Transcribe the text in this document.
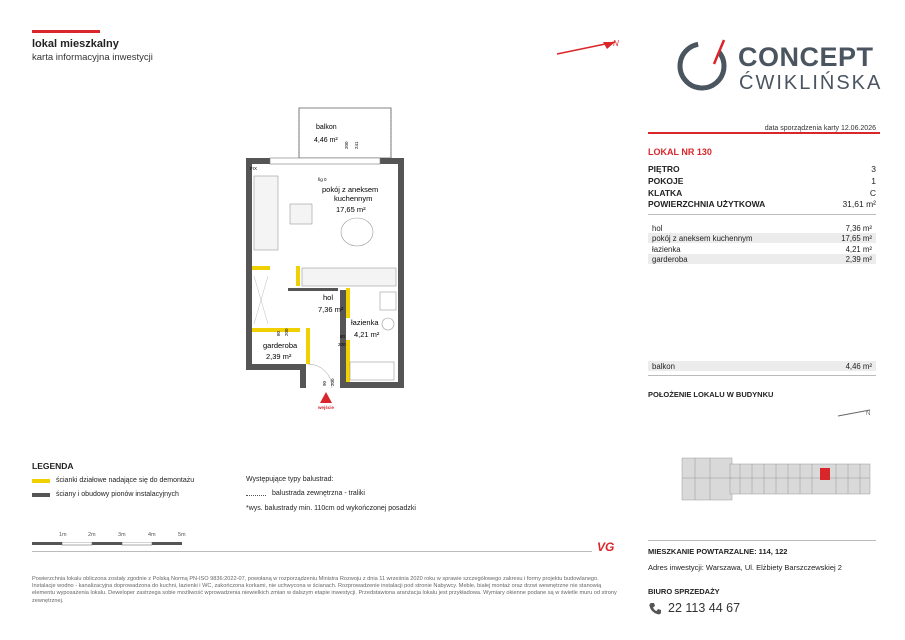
lokal mieszkalny
karta informacyjna inwestycji
N	CONCEPT
ĆWIKLIŃSKA
data sporządzenia karty 12.06.2026
LOKAL NR 130
PIĘTRO	3
POKOJE	1
KLATKA	C
POWIERZCHNIA UŻYTKOWA	31,61 m²
hol	7,36 m²
pokój z aneksem kuchennym	17,65 m²
łazienka	4,21 m²
garderoba	2,39 m²
balkon	4,46 m²
POŁOŻENIE LOKALU W BUDYNKU
N
MIESZKANIE POWTARZALNE: 114, 122
Adres inwestycji: Warszawa, Ul. Elżbiety Barszczewskiej 2
BIURO SPRZEDAŻY
22 113 44 67
balkon
4,46 m²
200 241
FIX
fig 0
pokój z aneksem
kuchennym
17,65 m²
hol
7,36 m²
łazienka
4,21 m²
garderoba
2,39 m²
80
200
80 200
90 200
wejście
LEGENDA
ścianki działowe nadające się do demontażu
ściany i obudowy pionów instalacyjnych
Występujące typy balustrad:
balustrada zewnętrzna - traliki
*wys. balustrady min. 110cm od wykończonej posadzki
1m	2m	3m	4m	5m
VG
Powierzchnia lokalu obliczona zostały zgodnie z Polską Normą PN-ISO 9836:2022-07, powołaną w rozporządzeniu Ministra Rozwoju z dnia 11 września 2020 roku w sprawie szczegółowego zakresu i formy projektu budowlanego. Instalacje wodno - kanalizacyjna doprowadzona do kuchni, łazienki i WC, zakończona korkami, nie uchwycona w ścianach. Rozprowadzenie instalacji pod stronie Nabywcy. Meble, białej montaż oraz drzwi wewnętrzne nie stanowią elementu wyposażenia lokalu. Deweloper zastrzega sobie możliwość wprowadzenia niewielkich zmian w dalszym etapie inwestycji. Przedstawiona aranżacja lokalu jest przykładowa. Wymiary okienne podane są w świetle muru od strony zewnętrznej.
